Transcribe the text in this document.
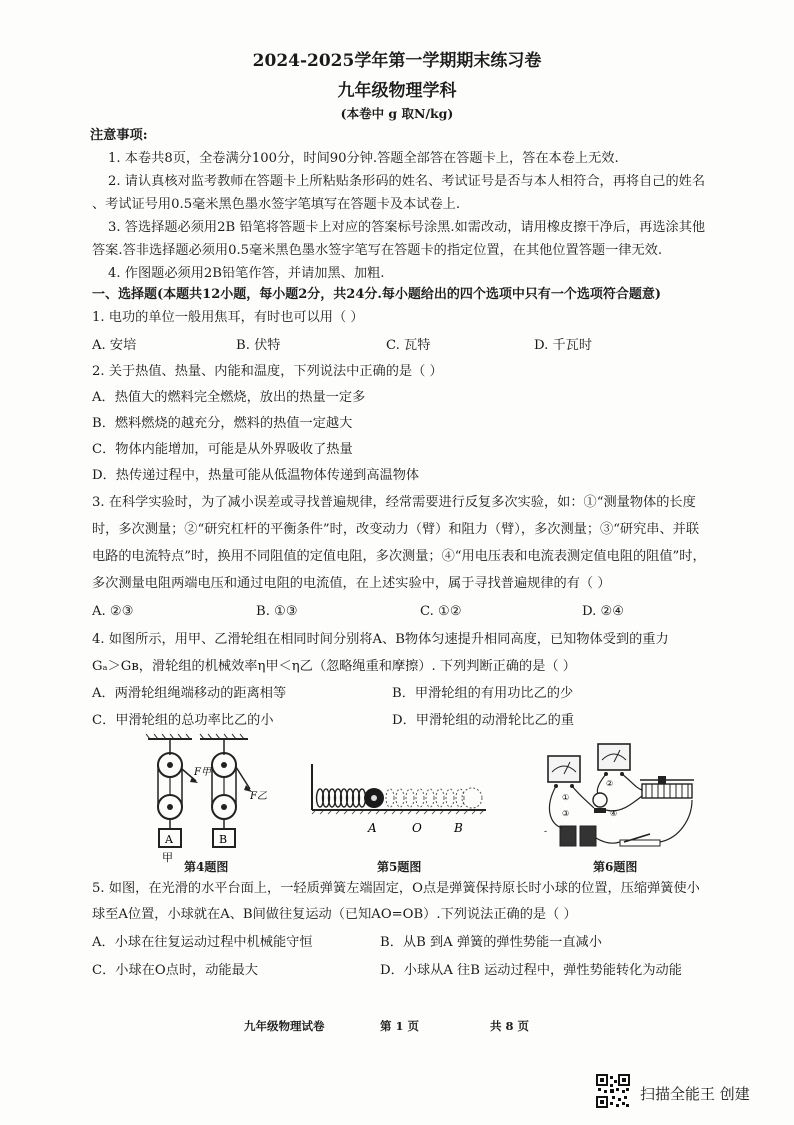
2024-2025学年第一学期期末练习卷
九年级物理学科
(本卷中 g 取N/kg)
注意事项:
1. 本卷共8页，全卷满分100分，时间90分钟.答题全部答在答题卡上，答在本卷上无效.
2. 请认真核对监考教师在答题卡上所粘贴条形码的姓名、考试证号是否与本人相符合，再将自己的姓名
、考试证号用0.5毫米黑色墨水签字笔填写在答题卡及本试卷上.
3. 答选择题必须用2B 铅笔将答题卡上对应的答案标号涂黑.如需改动，请用橡皮擦干净后，再选涂其他
答案.答非选择题必须用0.5毫米黑色墨水签字笔写在答题卡的指定位置，在其他位置答题一律无效.
4. 作图题必须用2B铅笔作答，并请加黑、加粗.
一、选择题(本题共12小题，每小题2分，共24分.每小题给出的四个选项中只有一个选项符合题意)
1. 电功的单位一般用焦耳，有时也可以用（ ）
A. 安培	B. 伏特	C. 瓦特	D. 千瓦时
2. 关于热值、热量、内能和温度，下列说法中正确的是（ ）
A．热值大的燃料完全燃烧，放出的热量一定多
B．燃料燃烧的越充分，燃料的热值一定越大
C．物体内能增加，可能是从外界吸收了热量
D．热传递过程中，热量可能从低温物体传递到高温物体
3. 在科学实验时，为了减小误差或寻找普遍规律，经常需要进行反复多次实验，如：①“测量物体的长度
时，多次测量；②“研究杠杆的平衡条件”时，改变动力（臂）和阻力（臂），多次测量；③“研究串、并联
电路的电流特点”时，换用不同阻值的定值电阻，多次测量；④“用电压表和电流表测定值电阻的阻值”时，
多次测量电阻两端电压和通过电阻的电流值，在上述实验中，属于寻找普遍规律的有（ ）
A. ②③	B. ①③	C. ①②	D. ②④
4. 如图所示，用甲、乙滑轮组在相同时间分别将A、B物体匀速提升相同高度，已知物体受到的重力
Gₐ＞Gʙ，滑轮组的机械效率η甲＜η乙（忽略绳重和摩擦）. 下列判断正确的是（ ）
A．两滑轮组绳端移动的距离相等	B．甲滑轮组的有用功比乙的少
C．甲滑轮组的总功率比乙的小	D．甲滑轮组的动滑轮比乙的重
A	B
F甲
F乙
甲
第4题图
A	O	B
第5题图
-
①
②
③	④
第6题图
5. 如图，在光滑的水平台面上，一轻质弹簧左端固定，O点是弹簧保持原长时小球的位置，压缩弹簧使小
球至A位置，小球就在A、B间做往复运动（已知AO=OB）.下列说法正确的是（ ）
A．小球在往复运动过程中机械能守恒	B．从B 到A 弹簧的弹性势能一直减小
C．小球在O点时，动能最大	D．小球从A 往B 运动过程中，弹性势能转化为动能
九年级物理试卷	第 1 页	共 8 页
扫描全能王 创建
